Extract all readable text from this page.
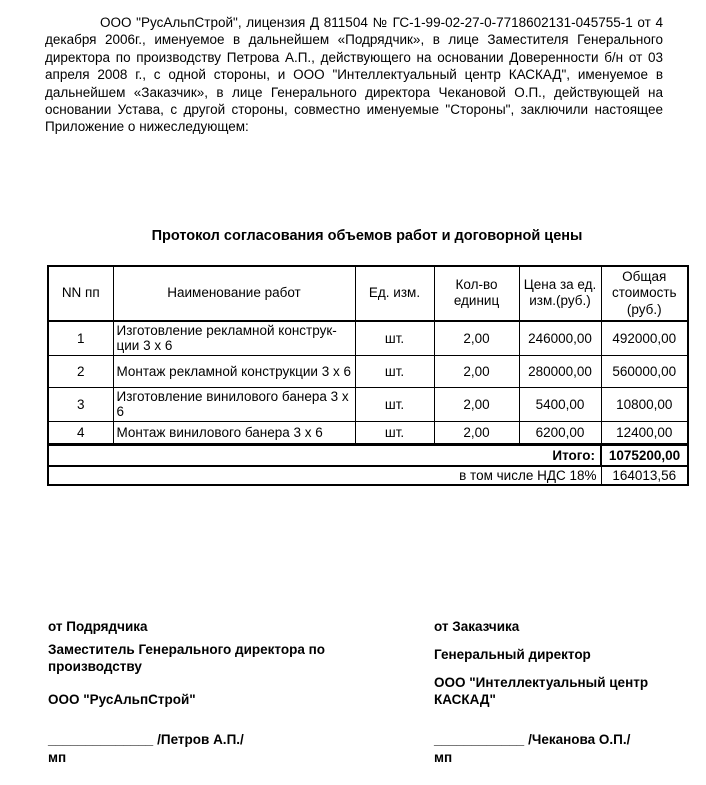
ООО "РусАльпСтрой", лицензия Д 811504 № ГС-1-99-02-27-0-7718602131-045755-1 от 4 декабря 2006г., именуемое в дальнейшем «Подрядчик», в лице Заместителя Генерального директора по производству Петрова А.П., действующего на основании Доверенности б/н от 03 апреля 2008 г., с одной стороны, и ООО "Интеллектуальный центр КАСКАД", именуемое в дальнейшем «Заказчик», в лице Генерального директора Чекановой О.П., действующей на основании Устава, с другой стороны, совместно именуемые "Стороны", заключили настоящее Приложение о нижеследующем:

Протокол согласования объемов работ и договорной цены
NN пп	Наименование работ	Ед. изм.	Кол-во единиц	Цена за ед. изм.(руб.)	Общая стоимость (руб.)
1	Изготовление рекламной конструк-ции 3 х 6	шт.	2,00	246000,00	492000,00
2	Монтаж рекламной конструкции 3 х 6	шт.	2,00	280000,00	560000,00
3	Изготовление винилового банера 3 х 6	шт.	2,00	5400,00	10800,00
4	Монтаж винилового банера 3 х 6	шт.	2,00	6200,00	12400,00
Итого:					1075200,00
в том числе НДС 18%					164013,56
от Подрядчика
Заместитель Генерального директора по производству
ООО "РусАльпСтрой"
______________ /Петров А.П./
мп
от Заказчика
Генеральный директор
ООО "Интеллектуальный центр КАСКАД"
____________ /Чеканова О.П./
мп
